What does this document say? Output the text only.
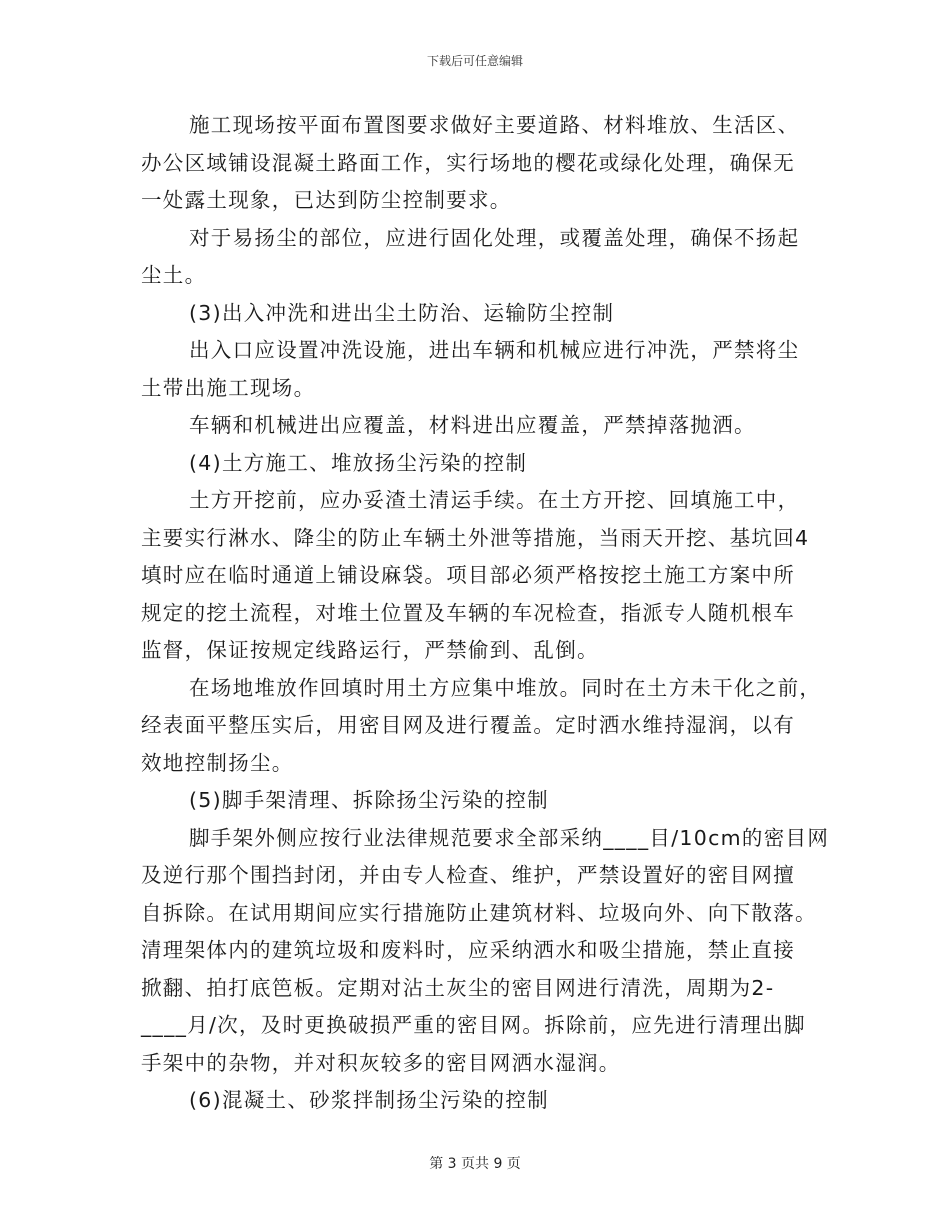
下载后可任意编辑
施工现场按平面布置图要求做好主要道路、材料堆放、生活区、
办公区域铺设混凝土路面工作，实行场地的樱花或绿化处理，确保无
一处露土现象，已达到防尘控制要求。
对于易扬尘的部位，应进行固化处理，或覆盖处理，确保不扬起
尘土。
(3)出入冲洗和进出尘土防治、运输防尘控制
出入口应设置冲洗设施，进出车辆和机械应进行冲洗，严禁将尘
土带出施工现场。
车辆和机械进出应覆盖，材料进出应覆盖，严禁掉落抛洒。
(4)土方施工、堆放扬尘污染的控制
土方开挖前，应办妥渣土清运手续。在土方开挖、回填施工中，
主要实行淋水、降尘的防止车辆土外泄等措施，当雨天开挖、基坑回4
填时应在临时通道上铺设麻袋。项目部必须严格按挖土施工方案中所
规定的挖土流程，对堆土位置及车辆的车况检查，指派专人随机根车
监督，保证按规定线路运行，严禁偷到、乱倒。
在场地堆放作回填时用土方应集中堆放。同时在土方未干化之前，
经表面平整压实后，用密目网及进行覆盖。定时洒水维持湿润，以有
效地控制扬尘。
(5)脚手架清理、拆除扬尘污染的控制
脚手架外侧应按行业法律规范要求全部采纳____目/10cm的密目网
及逆行那个围挡封闭，并由专人检查、维护，严禁设置好的密目网擅
自拆除。在试用期间应实行措施防止建筑材料、垃圾向外、向下散落。
清理架体内的建筑垃圾和废料时，应采纳洒水和吸尘措施，禁止直接
掀翻、拍打底笆板。定期对沾土灰尘的密目网进行清洗，周期为2-
____月/次，及时更换破损严重的密目网。拆除前，应先进行清理出脚
手架中的杂物，并对积灰较多的密目网洒水湿润。
(6)混凝土、砂浆拌制扬尘污染的控制
第 3 页共 9 页
